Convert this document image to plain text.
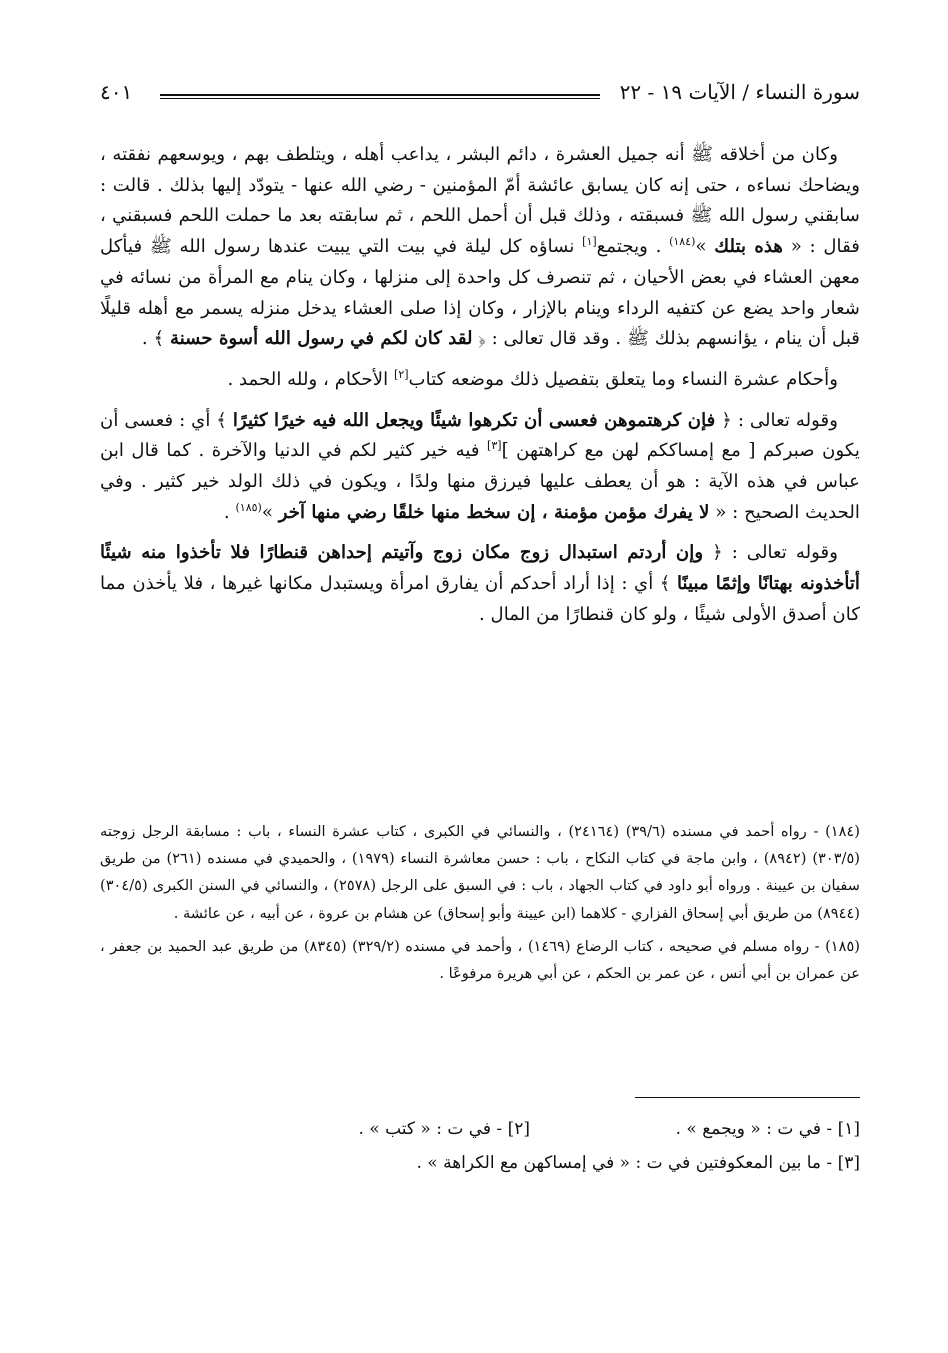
سورة النساء / الآيات ١٩ - ٢٢
٤٠١

وكان من أخلاقه ﷺ أنه جميل العشرة ، دائم البشر ، يداعب أهله ، ويتلطف بهم ، ويوسعهم نفقته ، ويضاحك نساءه ، حتى إنه كان يسابق عائشة أمّ المؤمنين - رضي الله عنها - يتودّد إليها بذلك . قالت : سابقني رسول الله ﷺ فسبقته ، وذلك قبل أن أحمل اللحم ، ثم سابقته بعد ما حملت اللحم فسبقني ، فقال : « هذه بتلك »$^{(١٨٤)}$ . ويجتمع[١] نساؤه كل ليلة في بيت التي يبيت عندها رسول الله ﷺ فيأكل معهن العشاء في بعض الأحيان ، ثم تنصرف كل واحدة إلى منزلها ، وكان ينام مع المرأة من نسائه في شعار واحد يضع عن كتفيه الرداء وينام بالإزار ، وكان إذا صلى العشاء يدخل منزله يسمر مع أهله قليلًا قبل أن ينام ، يؤانسهم بذلك ﷺ . وقد قال تعالى : ﴿ لقد كان لكم في رسول الله أسوة حسنة ﴾ .

وأحكام عشرة النساء وما يتعلق بتفصيل ذلك موضعه كتاب[٢] الأحكام ، ولله الحمد .

وقوله تعالى : ﴿ فإن كرهتموهن فعسى أن تكرهوا شيئًا ويجعل الله فيه خيرًا كثيرًا ﴾ أي : فعسى أن يكون صبركم [ مع إمساككم لهن مع كراهتهن ][٣] فيه خير كثير لكم في الدنيا والآخرة . كما قال ابن عباس في هذه الآية : هو أن يعطف عليها فيرزق منها ولدًا ، ويكون في ذلك الولد خير كثير . وفي الحديث الصحيح : « لا يفرك مؤمن مؤمنة ، إن سخط منها خلقًا رضي منها آخر »$^{(١٨٥)}$ .

وقوله تعالى : ﴿ وإن أردتم استبدال زوج مكان زوج وآتيتم إحداهن قنطارًا فلا تأخذوا منه شيئًا أتأخذونه بهتانًا وإثمًا مبينًا ﴾ أي : إذا أراد أحدكم أن يفارق امرأة ويستبدل مكانها غيرها ، فلا يأخذن مما كان أصدق الأولى شيئًا ، ولو كان قنطارًا من المال .

(١٨٤) - رواه أحمد في مسنده (٣٩/٦) (٢٤١٦٤) ، والنسائي في الكبرى ، كتاب عشرة النساء ، باب : مسابقة الرجل زوجته (٣٠٣/٥) (٨٩٤٢) ، وابن ماجة في كتاب النكاح ، باب : حسن معاشرة النساء (١٩٧٩) ، والحميدي في مسنده (٢٦١) من طريق سفيان بن عيينة . ورواه أبو داود في كتاب الجهاد ، باب : في السبق على الرجل (٢٥٧٨) ، والنسائي في السنن الكبرى (٣٠٤/٥) (٨٩٤٤) من طريق أبي إسحاق الفزاري - كلاهما (ابن عيينة وأبو إسحاق) عن هشام بن عروة ، عن أبيه ، عن عائشة .

(١٨٥) - رواه مسلم في صحيحه ، كتاب الرضاع (١٤٦٩) ، وأحمد في مسنده (٣٢٩/٢) (٨٣٤٥) من طريق عبد الحميد بن جعفر ، عن عمران بن أبي أنس ، عن عمر بن الحكم ، عن أبي هريرة مرفوعًا .

[١] - في ت : « ويجمع » .
[٢] - في ت : « كتب » .
[٣] - ما بين المعكوفتين في ت : « في إمساكهن مع الكراهة » .
